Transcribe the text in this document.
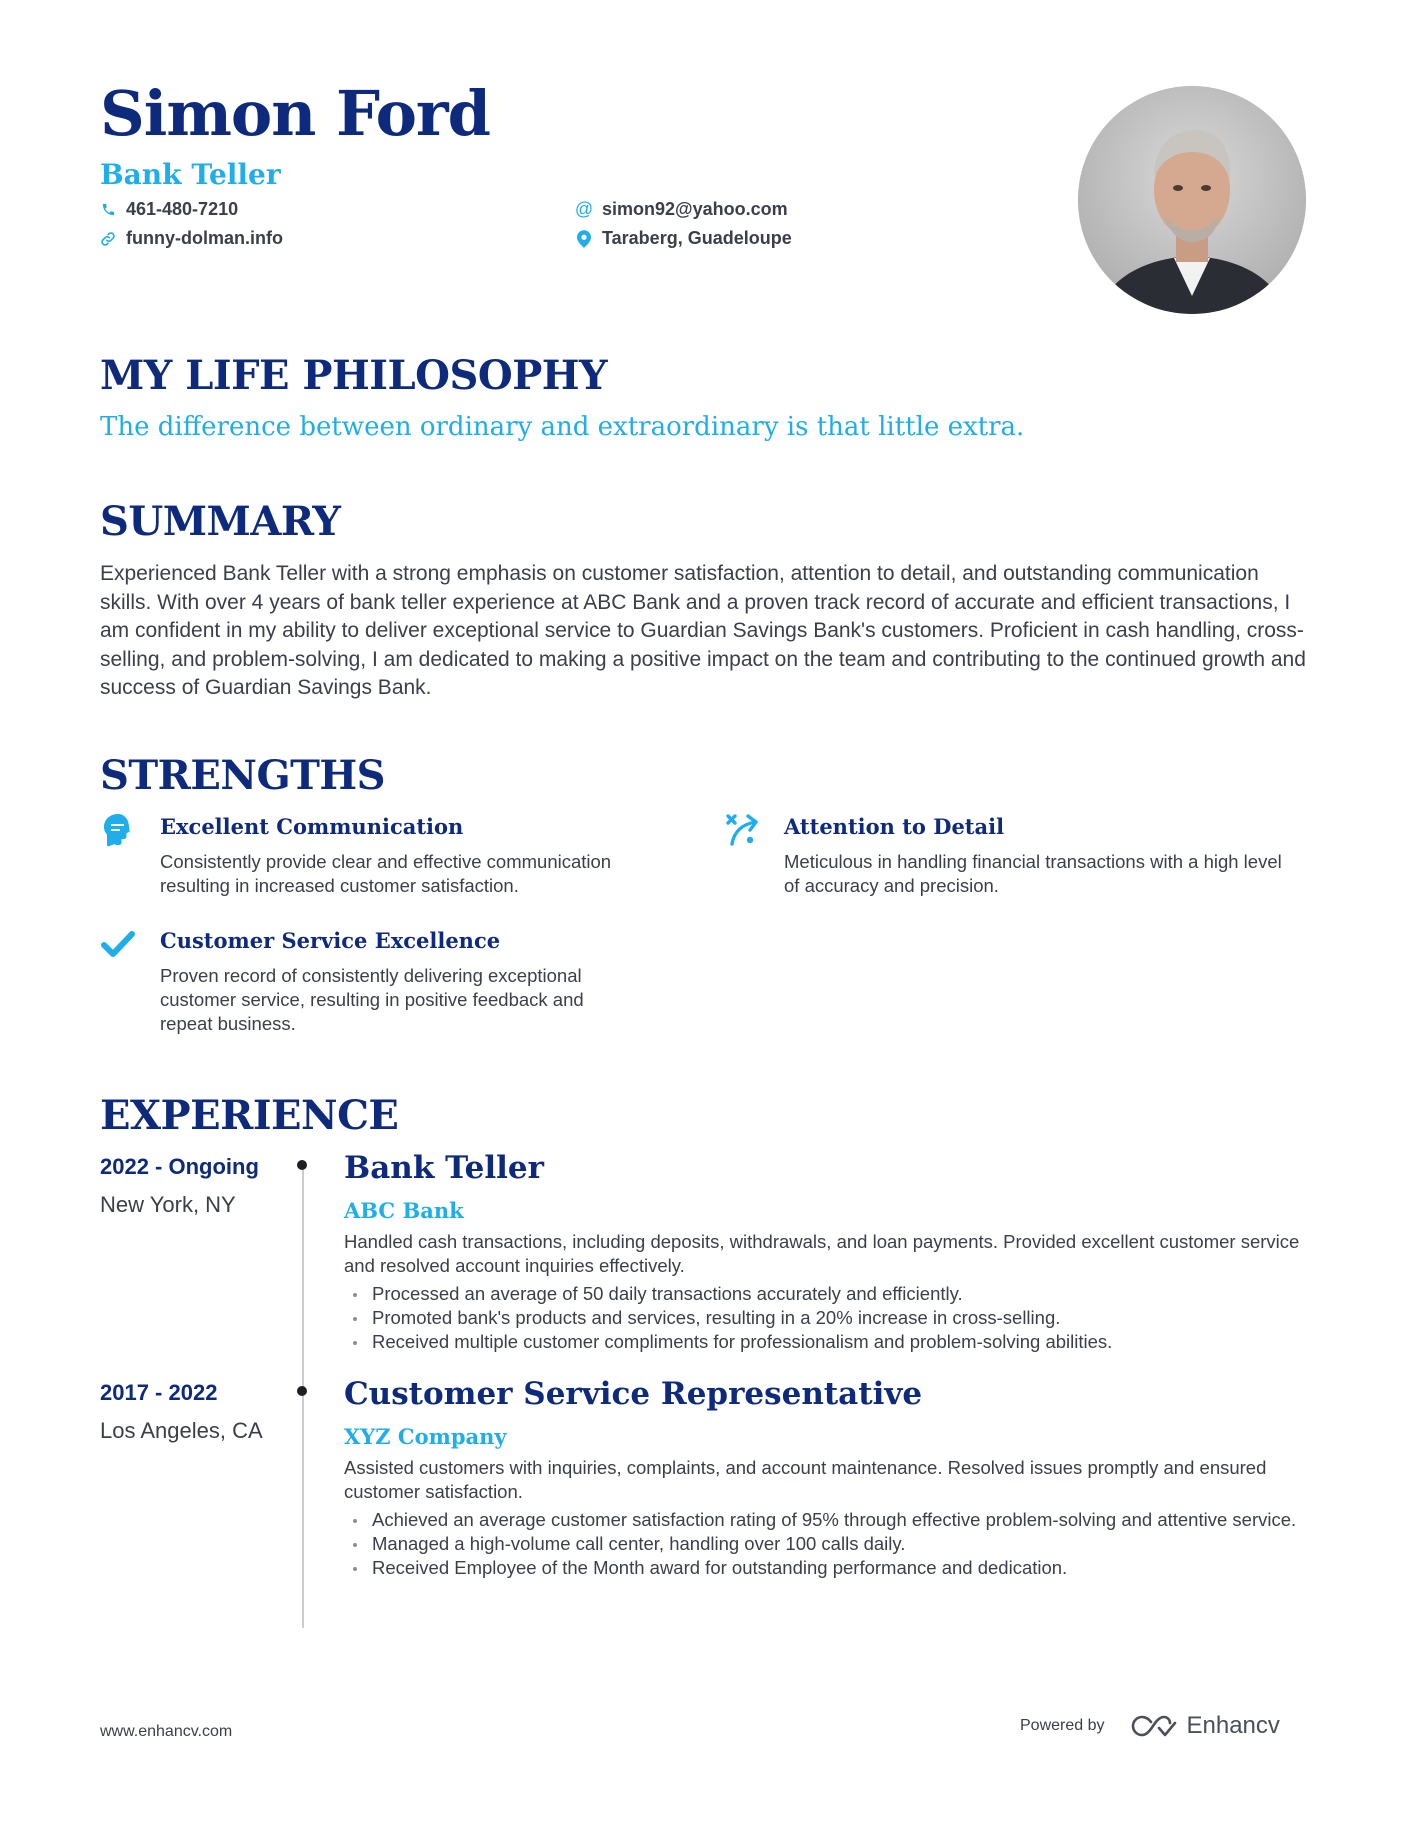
Simon Ford

Bank Teller

461-480-7210
funny-dolman.info
@ simon92@yahoo.com
Taraberg, Guadeloupe
MY LIFE PHILOSOPHY

The difference between ordinary and extraordinary is that little extra.

SUMMARY

Experienced Bank Teller with a strong emphasis on customer satisfaction, attention to detail, and outstanding communication skills. With over 4 years of bank teller experience at ABC Bank and a proven track record of accurate and efficient transactions, I am confident in my ability to deliver exceptional service to Guardian Savings Bank's customers. Proficient in cash handling, cross-selling, and problem-solving, I am dedicated to making a positive impact on the team and contributing to the continued growth and success of Guardian Savings Bank.

STRENGTHS
Excellent Communication

Consistently provide clear and effective communication resulting in increased customer satisfaction.

Attention to Detail

Meticulous in handling financial transactions with a high level of accuracy and precision.

Customer Service Excellence

Proven record of consistently delivering exceptional customer service, resulting in positive feedback and repeat business.

EXPERIENCE

2022 - Ongoing

New York, NY

Bank Teller

ABC Bank

Handled cash transactions, including deposits, withdrawals, and loan payments. Provided excellent customer service and resolved account inquiries effectively.

Processed an average of 50 daily transactions accurately and efficiently.
Promoted bank's products and services, resulting in a 20% increase in cross-selling.
Received multiple customer compliments for professionalism and problem-solving abilities.

2017 - 2022

Los Angeles, CA

Customer Service Representative

XYZ Company

Assisted customers with inquiries, complaints, and account maintenance. Resolved issues promptly and ensured customer satisfaction.

Achieved an average customer satisfaction rating of 95% through effective problem-solving and attentive service.
Managed a high-volume call center, handling over 100 calls daily.
Received Employee of the Month award for outstanding performance and dedication.

www.enhancv.com	Powered by	Enhancv
